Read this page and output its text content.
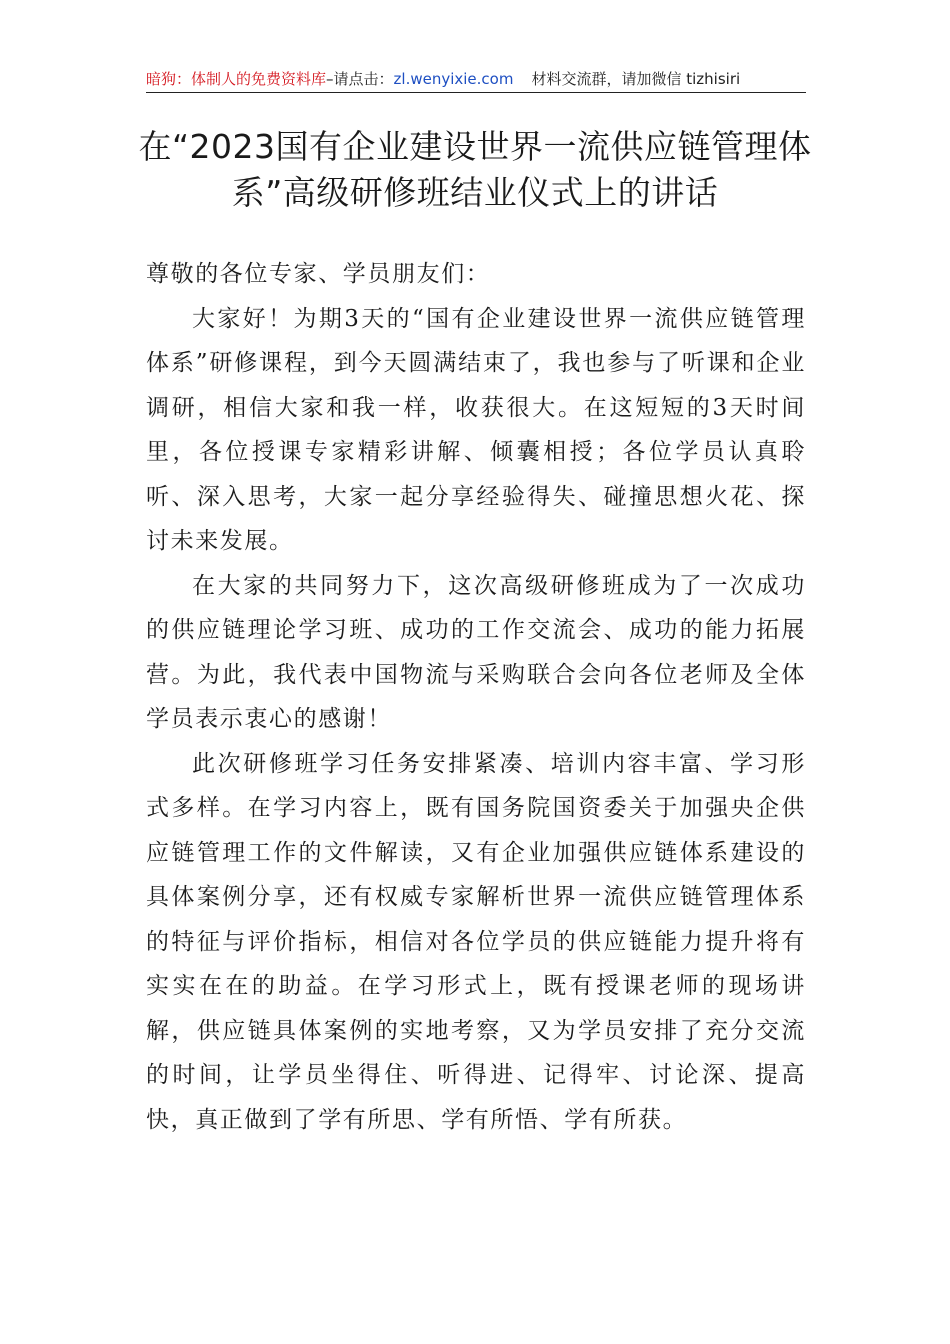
暗狗：体制人的免费资料库–请点击：zl.wenyixie.com 材料交流群，请加微信 tizhisiri
在“2023国有企业建设世界一流供应链管理体系”高级研修班结业仪式上的讲话

尊敬的各位专家、学员朋友们：

大家好！为期3天的“国有企业建设世界一流供应链管理体系”研修课程，到今天圆满结束了，我也参与了听课和企业调研，相信大家和我一样，收获很大。在这短短的3天时间里，各位授课专家精彩讲解、倾囊相授；各位学员认真聆听、深入思考，大家一起分享经验得失、碰撞思想火花、探讨未来发展。

在大家的共同努力下，这次高级研修班成为了一次成功的供应链理论学习班、成功的工作交流会、成功的能力拓展营。为此，我代表中国物流与采购联合会向各位老师及全体学员表示衷心的感谢！

此次研修班学习任务安排紧凑、培训内容丰富、学习形式多样。在学习内容上，既有国务院国资委关于加强央企供应链管理工作的文件解读，又有企业加强供应链体系建设的具体案例分享，还有权威专家解析世界一流供应链管理体系的特征与评价指标，相信对各位学员的供应链能力提升将有实实在在的助益。在学习形式上，既有授课老师的现场讲解，供应链具体案例的实地考察，又为学员安排了充分交流的时间，让学员坐得住、听得进、记得牢、讨论深、提高快，真正做到了学有所思、学有所悟、学有所获。
